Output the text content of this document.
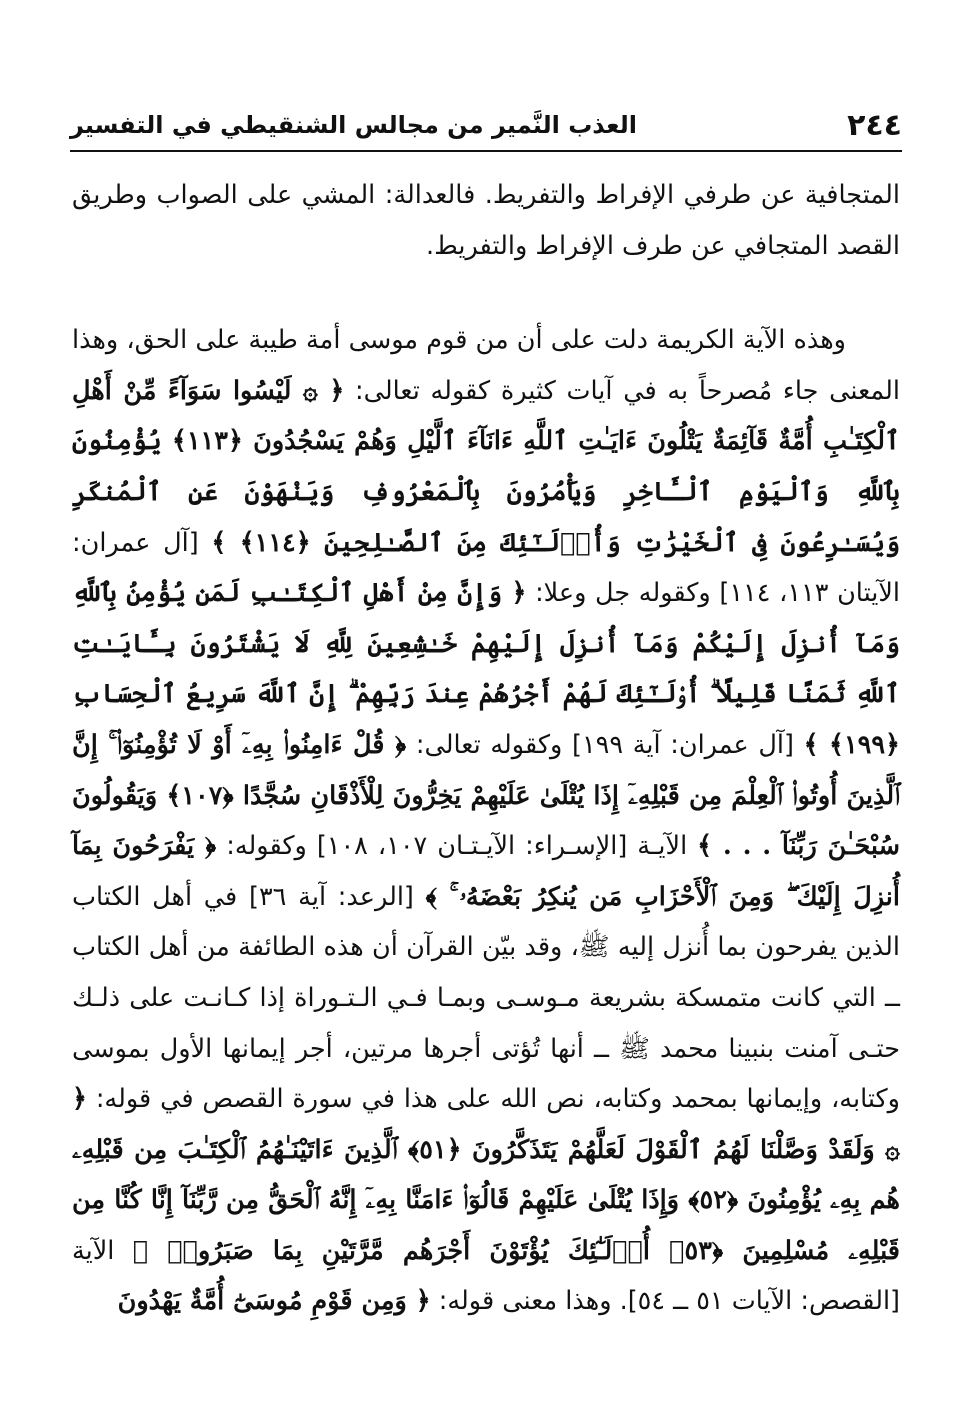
٢٤٤
العذب النَّمير من مجالس الشنقيطي في التفسير

المتجافية عن طرفي الإفراط والتفريط. فالعدالة: المشي على الصواب وطريق القصد المتجافي عن طرف الإفراط والتفريط.

وهذه الآية الكريمة دلت على أن من قوم موسى أمة طيبة على الحق، وهذا المعنى جاء مُصرحاً به في آيات كثيرة كقوله تعالى: ﴿ ۞ لَيْسُوا سَوَآءً مِّنْ أَهْلِ ٱلْكِتَـٰبِ أُمَّةٌ قَآئِمَةٌ يَتْلُونَ ءَايَـٰتِ ٱللَّهِ ءَانَآءَ ٱلَّيْلِ وَهُمْ يَسْجُدُونَ ﴿١١٣﴾ يُؤْمِنُونَ بِٱللَّهِ وَٱلْيَوْمِ ٱلْـَٔاخِرِ وَيَأْمُرُونَ بِٱلْمَعْرُوفِ وَيَنْهَوْنَ عَنِ ٱلْمُنكَرِ وَيُسَـٰرِعُونَ فِى ٱلْخَيْرَٰتِ وَأُو۟لَـٰٓئِكَ مِنَ ٱلصَّـٰلِحِينَ ﴿١١٤﴾ ﴾ [آل عمران: الآيتان ١١٣، ١١٤] وكقوله جل وعلا: ﴿ وَإِنَّ مِنْ أَهْلِ ٱلْكِتَـٰبِ لَمَن يُؤْمِنُ بِٱللَّهِ وَمَآ أُنزِلَ إِلَيْكُمْ وَمَآ أُنزِلَ إِلَيْهِمْ خَـٰشِعِينَ لِلَّهِ لَا يَشْتَرُونَ بِـَٔايَـٰتِ ٱللَّهِ ثَمَنًا قَلِيلًا ۗ أُو۟لَـٰٓئِكَ لَهُمْ أَجْرُهُمْ عِندَ رَبِّهِمْ ۗ إِنَّ ٱللَّهَ سَرِيعُ ٱلْحِسَابِ ﴿١٩٩﴾ ﴾ [آل عمران: آية ١٩٩] وكقوله تعالى: ﴿ قُلْ ءَامِنُوا۟ بِهِۦٓ أَوْ لَا تُؤْمِنُوٓا۟ ۚ إِنَّ ٱلَّذِينَ أُوتُوا۟ ٱلْعِلْمَ مِن قَبْلِهِۦٓ إِذَا يُتْلَىٰ عَلَيْهِمْ يَخِرُّونَ لِلْأَذْقَانِ سُجَّدًا ﴿١٠٧﴾ وَيَقُولُونَ سُبْحَـٰنَ رَبِّنَآ . . . ﴾ الآيـة [الإسـراء: الآيـتـان ١٠٧، ١٠٨] وكقوله: ﴿ يَفْرَحُونَ بِمَآ أُنزِلَ إِلَيْكَ ۖ وَمِنَ ٱلْأَحْزَابِ مَن يُنكِرُ بَعْضَهُۥ ۚ ﴾ [الرعد: آية ٣٦] في أهل الكتاب الذين يفرحون بما أُنزل إليه ﷺ، وقد بيّن القرآن أن هذه الطائفة من أهل الكتاب ــ التي كانت متمسكة بشريعة مـوسـى وبمـا فـي الـتـوراة إذا كـانـت على ذلـك حتـى آمنت بنبينا محمد ﷺ ــ أنها تُؤتى أجرها مرتين، أجر إيمانها الأول بموسى وكتابه، وإيمانها بمحمد وكتابه، نص الله على هذا في سورة القصص في قوله: ﴿ ۞ وَلَقَدْ وَصَّلْنَا لَهُمُ ٱلْقَوْلَ لَعَلَّهُمْ يَتَذَكَّرُونَ ﴿٥١﴾ ٱلَّذِينَ ءَاتَيْنَـٰهُمُ ٱلْكِتَـٰبَ مِن قَبْلِهِۦ هُم بِهِۦ يُؤْمِنُونَ ﴿٥٢﴾ وَإِذَا يُتْلَىٰ عَلَيْهِمْ قَالُوٓا۟ ءَامَنَّا بِهِۦٓ إِنَّهُ ٱلْحَقُّ مِن رَّبِّنَآ إِنَّا كُنَّا مِن قَبْلِهِۦ مُسْلِمِينَ ﴿٥٣﴾ أُو۟لَـٰٓئِكَ يُؤْتَوْنَ أَجْرَهُم مَّرَّتَيْنِ بِمَا صَبَرُوا۟ ﴾ الآية [القصص: الآيات ٥١ ــ ٥٤]. وهذا معنى قوله: ﴿ وَمِن قَوْمِ مُوسَىٰٓ أُمَّةٌ يَهْدُونَ
